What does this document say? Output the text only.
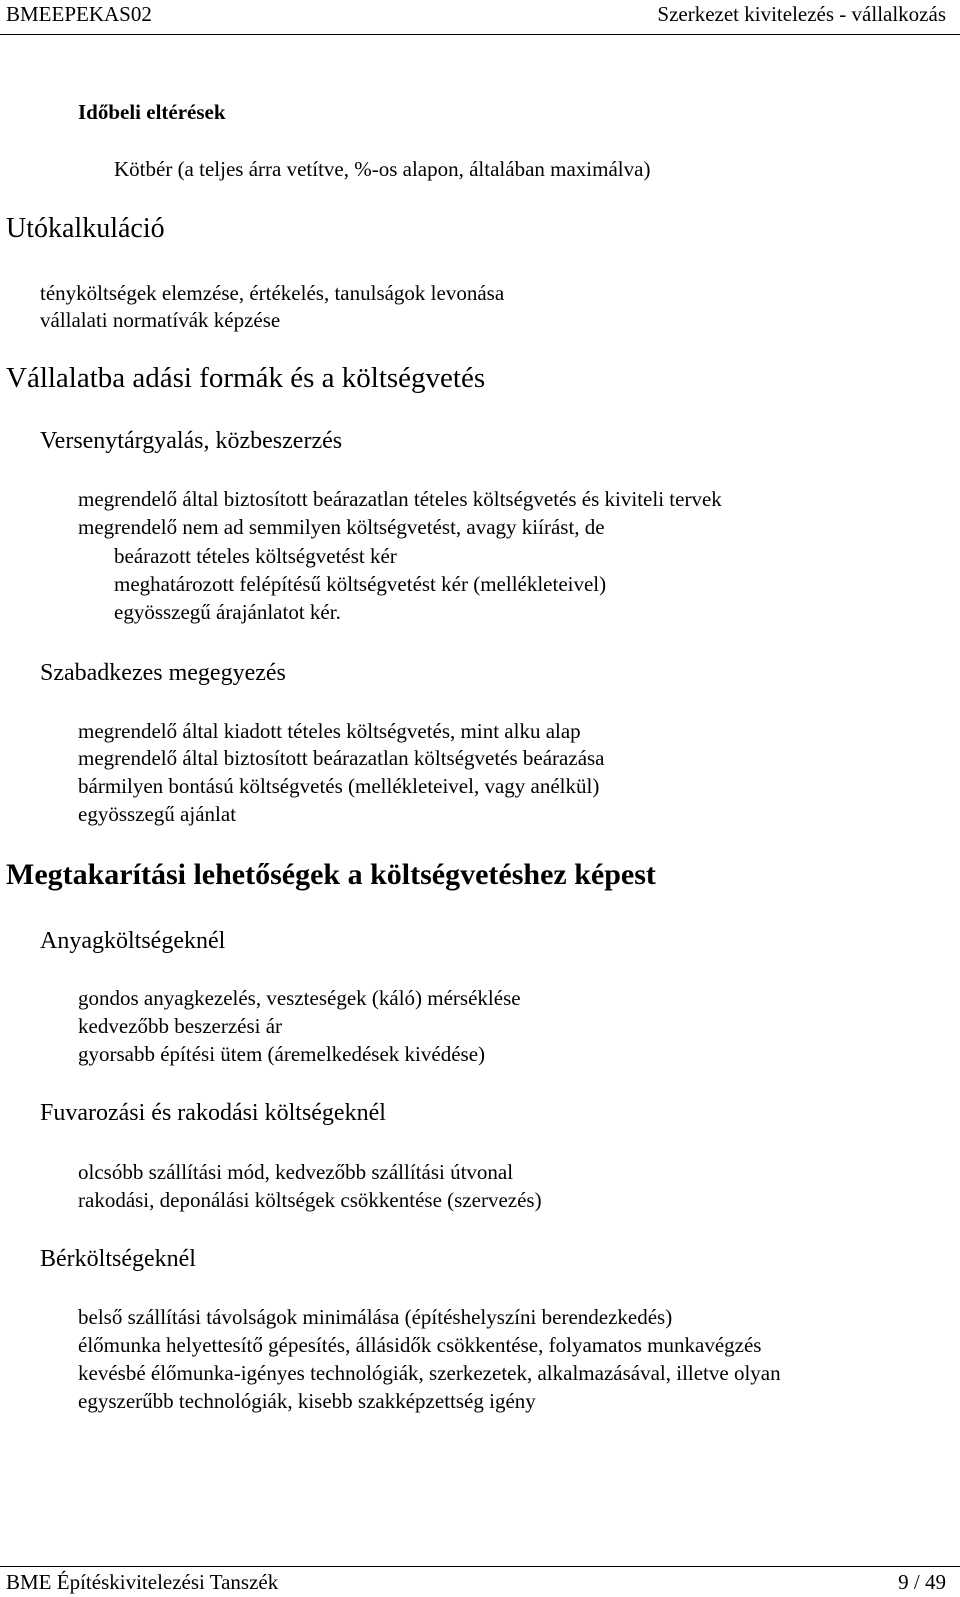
BMEEPEKAS02	Szerkezet kivitelezés - vállalkozás
Időbeli eltérések
Kötbér (a teljes árra vetítve, %-os alapon, általában maximálva)
Utókalkuláció
tényköltségek elemzése, értékelés, tanulságok levonása
vállalati normatívák képzése
Vállalatba adási formák és a költségvetés
Versenytárgyalás, közbeszerzés
megrendelő által biztosított beárazatlan tételes költségvetés és kiviteli tervek
megrendelő nem ad semmilyen költségvetést, avagy kiírást, de
beárazott tételes költségvetést kér
meghatározott felépítésű költségvetést kér (mellékleteivel)
egyösszegű árajánlatot kér.
Szabadkezes megegyezés
megrendelő által kiadott tételes költségvetés, mint alku alap
megrendelő által biztosított beárazatlan költségvetés beárazása
bármilyen bontású költségvetés (mellékleteivel, vagy anélkül)
egyösszegű ajánlat
Megtakarítási lehetőségek a költségvetéshez képest
Anyagköltségeknél
gondos anyagkezelés, veszteségek (káló) mérséklése
kedvezőbb beszerzési ár
gyorsabb építési ütem (áremelkedések kivédése)
Fuvarozási és rakodási költségeknél
olcsóbb szállítási mód, kedvezőbb szállítási útvonal
rakodási, deponálási költségek csökkentése (szervezés)
Bérköltségeknél
belső szállítási távolságok minimálása (építéshelyszíni berendezkedés)
élőmunka helyettesítő gépesítés, állásidők csökkentése, folyamatos munkavégzés
kevésbé élőmunka-igényes technológiák, szerkezetek, alkalmazásával, illetve olyan
egyszerűbb technológiák, kisebb szakképzettség igény
BME Építéskivitelezési Tanszék	9 / 49
